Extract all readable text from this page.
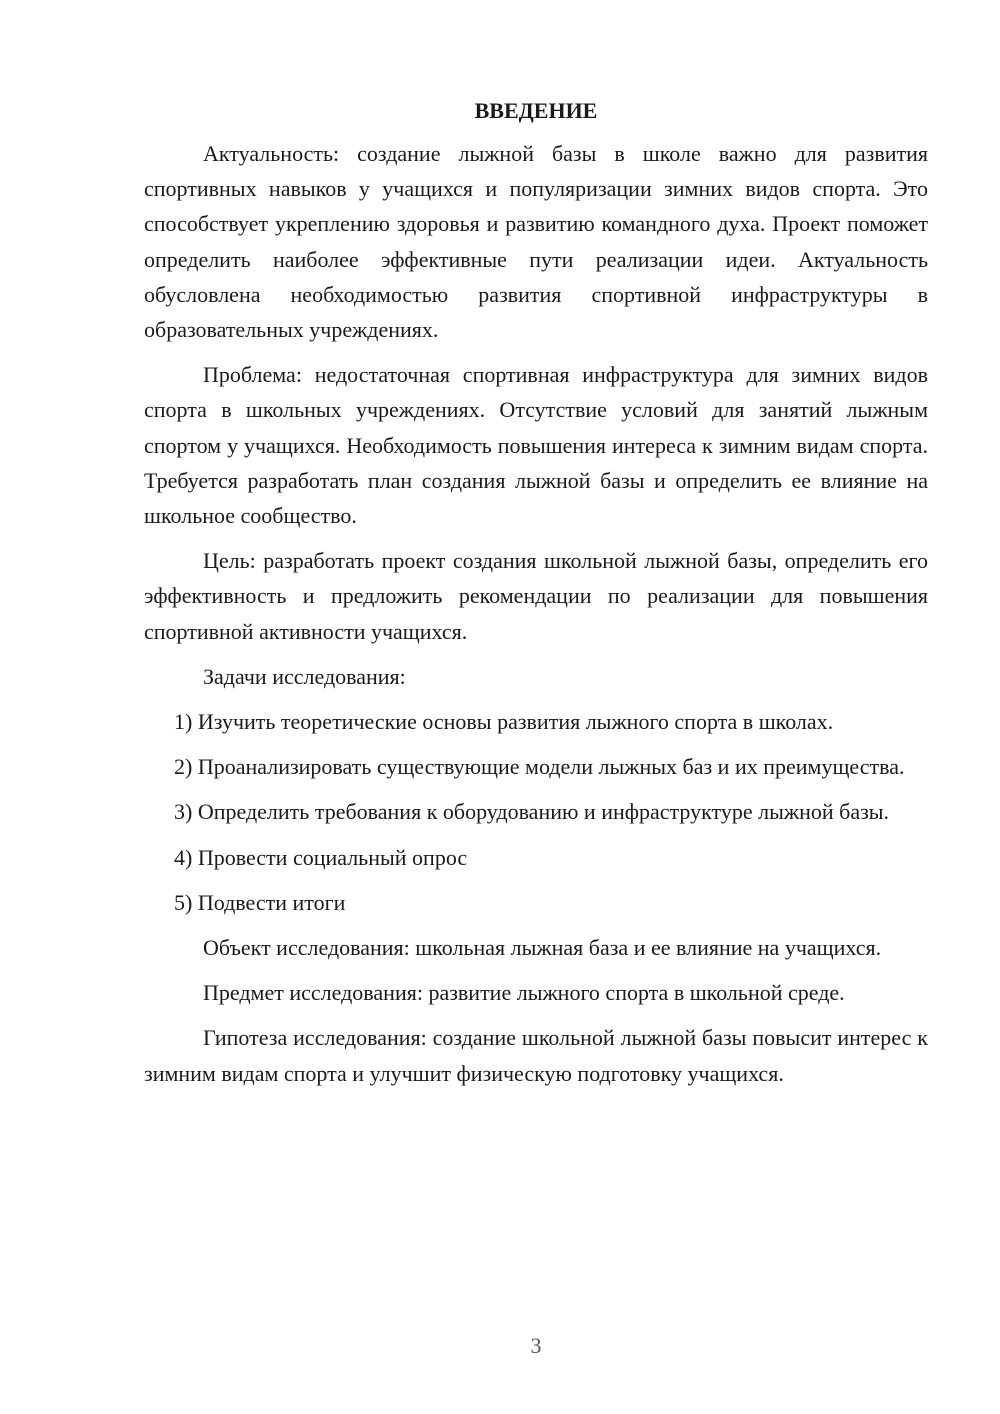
ВВЕДЕНИЕ

Актуальность: создание лыжной базы в школе важно для развития спортивных навыков у учащихся и популяризации зимних видов спорта. Это способствует укреплению здоровья и развитию командного духа. Проект поможет определить наиболее эффективные пути реализации идеи. Актуальность обусловлена необходимостью развития спортивной инфраструктуры в образовательных учреждениях.

Проблема: недостаточная спортивная инфраструктура для зимних видов спорта в школьных учреждениях. Отсутствие условий для занятий лыжным спортом у учащихся. Необходимость повышения интереса к зимним видам спорта. Требуется разработать план создания лыжной базы и определить ее влияние на школьное сообщество.

Цель: разработать проект создания школьной лыжной базы, определить его эффективность и предложить рекомендации по реализации для повышения спортивной активности учащихся.

Задачи исследования:

1) Изучить теоретические основы развития лыжного спорта в школах.

2) Проанализировать существующие модели лыжных баз и их преимущества.

3) Определить требования к оборудованию и инфраструктуре лыжной базы.

4) Провести социальный опрос

5) Подвести итоги

Объект исследования: школьная лыжная база и ее влияние на учащихся.

Предмет исследования: развитие лыжного спорта в школьной среде.

Гипотеза исследования: создание школьной лыжной базы повысит интерес к зимним видам спорта и улучшит физическую подготовку учащихся.

3
